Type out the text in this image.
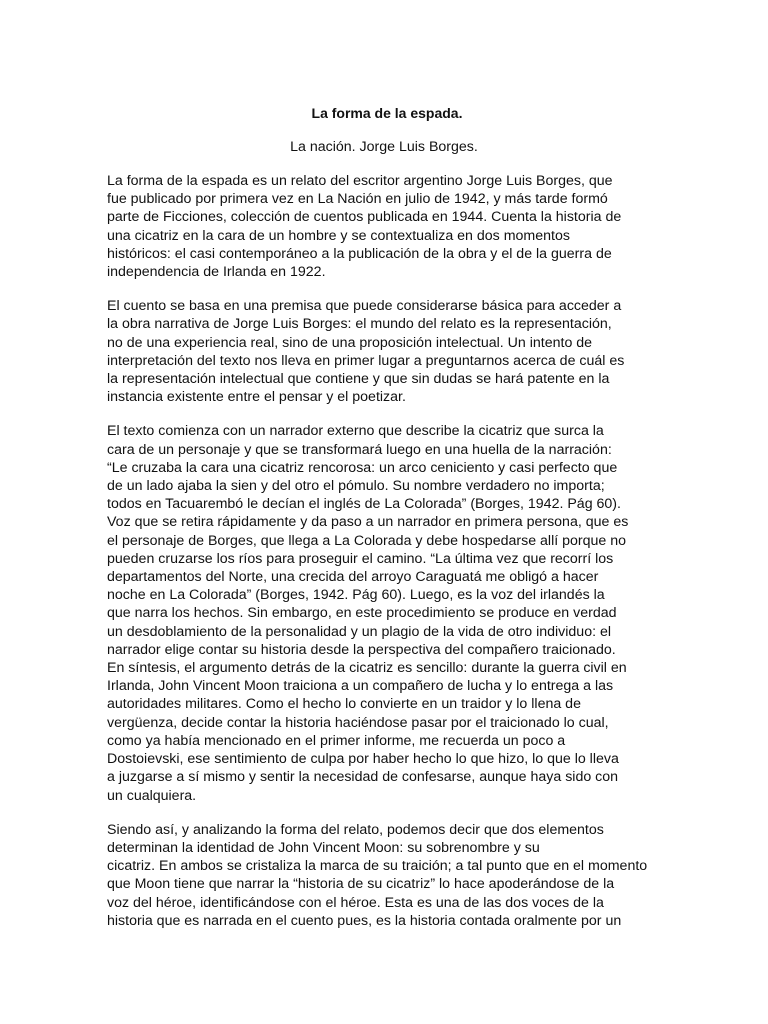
La forma de la espada.

La nación. Jorge Luis Borges.

La forma de la espada es un relato del escritor argentino Jorge Luis Borges, que
fue publicado por primera vez en La Nación en julio de 1942, y más tarde formó
parte de Ficciones, colección de cuentos publicada en 1944. Cuenta la historia de
una cicatriz en la cara de un hombre y se contextualiza en dos momentos
históricos: el casi contemporáneo a la publicación de la obra y el de la guerra de
independencia de Irlanda en 1922.

El cuento se basa en una premisa que puede considerarse básica para acceder a
la obra narrativa de Jorge Luis Borges: el mundo del relato es la representación,
no de una experiencia real, sino de una proposición intelectual. Un intento de
interpretación del texto nos lleva en primer lugar a preguntarnos acerca de cuál es
la representación intelectual que contiene y que sin dudas se hará patente en la
instancia existente entre el pensar y el poetizar.

El texto comienza con un narrador externo que describe la cicatriz que surca la
cara de un personaje y que se transformará luego en una huella de la narración:
“Le cruzaba la cara una cicatriz rencorosa: un arco ceniciento y casi perfecto que
de un lado ajaba la sien y del otro el pómulo. Su nombre verdadero no importa;
todos en Tacuarembó le decían el inglés de La Colorada” (Borges, 1942. Pág 60).
Voz que se retira rápidamente y da paso a un narrador en primera persona, que es
el personaje de Borges, que llega a La Colorada y debe hospedarse allí porque no
pueden cruzarse los ríos para proseguir el camino. “La última vez que recorrí los
departamentos del Norte, una crecida del arroyo Caraguatá me obligó a hacer
noche en La Colorada” (Borges, 1942. Pág 60). Luego, es la voz del irlandés la
que narra los hechos. Sin embargo, en este procedimiento se produce en verdad
un desdoblamiento de la personalidad y un plagio de la vida de otro individuo: el
narrador elige contar su historia desde la perspectiva del compañero traicionado.
En síntesis, el argumento detrás de la cicatriz es sencillo: durante la guerra civil en
Irlanda, John Vincent Moon traiciona a un compañero de lucha y lo entrega a las
autoridades militares. Como el hecho lo convierte en un traidor y lo llena de
vergüenza, decide contar la historia haciéndose pasar por el traicionado lo cual,
como ya había mencionado en el primer informe, me recuerda un poco a
Dostoievski, ese sentimiento de culpa por haber hecho lo que hizo, lo que lo lleva
a juzgarse a sí mismo y sentir la necesidad de confesarse, aunque haya sido con
un cualquiera.

Siendo así, y analizando la forma del relato, podemos decir que dos elementos
determinan la identidad de John Vincent Moon: su sobrenombre y su
cicatriz. En ambos se cristaliza la marca de su traición; a tal punto que en el momento
que Moon tiene que narrar la “historia de su cicatriz” lo hace apoderándose de la
voz del héroe, identificándose con el héroe. Esta es una de las dos voces de la
historia que es narrada en el cuento pues, es la historia contada oralmente por un
